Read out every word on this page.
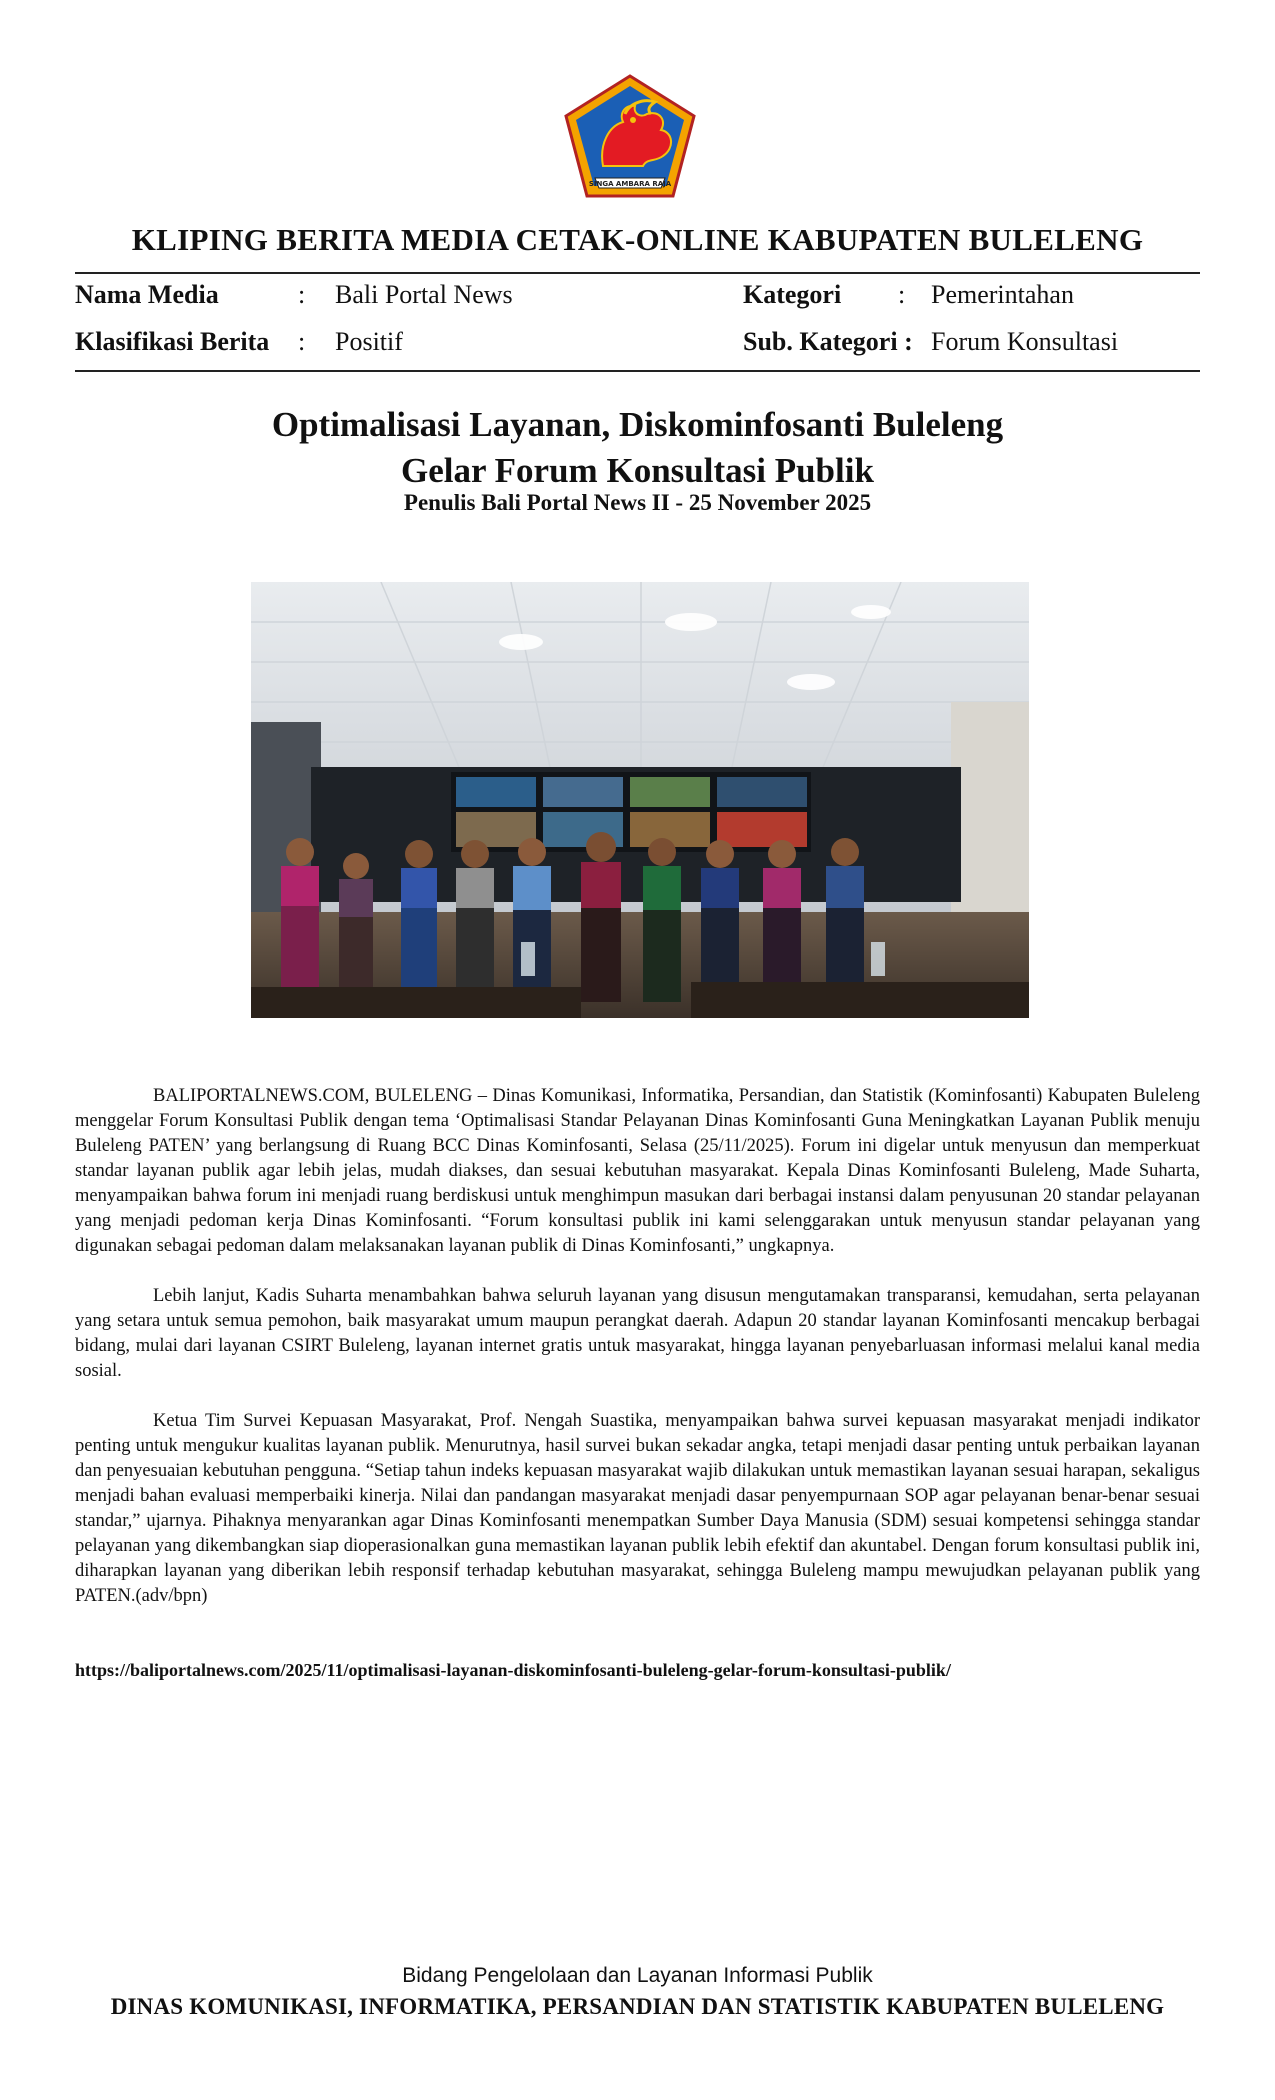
SINGA AMBARA RAJA
KLIPING BERITA MEDIA CETAK-ONLINE KABUPATEN BULELENG
Nama Media	: Bali Portal News	Kategori : Pemerintahan
Klasifikasi Berita : Positif	Sub. Kategori : Forum Konsultasi
Optimalisasi Layanan, Diskominfosanti Buleleng
Gelar Forum Konsultasi Publik
Penulis Bali Portal News II - 25 November 2025

BALIPORTALNEWS.COM, BULELENG – Dinas Komunikasi, Informatika, Persandian, dan Statistik (Kominfosanti) Kabupaten Buleleng menggelar Forum Konsultasi Publik dengan tema ‘Optimalisasi Standar Pelayanan Dinas Kominfosanti Guna Meningkatkan Layanan Publik menuju Buleleng PATEN’ yang berlangsung di Ruang BCC Dinas Kominfosanti, Selasa (25/11/2025). Forum ini digelar untuk menyusun dan memperkuat standar layanan publik agar lebih jelas, mudah diakses, dan sesuai kebutuhan masyarakat. Kepala Dinas Kominfosanti Buleleng, Made Suharta, menyampaikan bahwa forum ini menjadi ruang berdiskusi untuk menghimpun masukan dari berbagai instansi dalam penyusunan 20 standar pelayanan yang menjadi pedoman kerja Dinas Kominfosanti. “Forum konsultasi publik ini kami selenggarakan untuk menyusun standar pelayanan yang digunakan sebagai pedoman dalam melaksanakan layanan publik di Dinas Kominfosanti,” ungkapnya.

Lebih lanjut, Kadis Suharta menambahkan bahwa seluruh layanan yang disusun mengutamakan transparansi, kemudahan, serta pelayanan yang setara untuk semua pemohon, baik masyarakat umum maupun perangkat daerah. Adapun 20 standar layanan Kominfosanti mencakup berbagai bidang, mulai dari layanan CSIRT Buleleng, layanan internet gratis untuk masyarakat, hingga layanan penyebarluasan informasi melalui kanal media sosial.

Ketua Tim Survei Kepuasan Masyarakat, Prof. Nengah Suastika, menyampaikan bahwa survei kepuasan masyarakat menjadi indikator penting untuk mengukur kualitas layanan publik. Menurutnya, hasil survei bukan sekadar angka, tetapi menjadi dasar penting untuk perbaikan layanan dan penyesuaian kebutuhan pengguna. “Setiap tahun indeks kepuasan masyarakat wajib dilakukan untuk memastikan layanan sesuai harapan, sekaligus menjadi bahan evaluasi memperbaiki kinerja. Nilai dan pandangan masyarakat menjadi dasar penyempurnaan SOP agar pelayanan benar-benar sesuai standar,” ujarnya. Pihaknya menyarankan agar Dinas Kominfosanti menempatkan Sumber Daya Manusia (SDM) sesuai kompetensi sehingga standar pelayanan yang dikembangkan siap dioperasionalkan guna memastikan layanan publik lebih efektif dan akuntabel. Dengan forum konsultasi publik ini, diharapkan layanan yang diberikan lebih responsif terhadap kebutuhan masyarakat, sehingga Buleleng mampu mewujudkan pelayanan publik yang PATEN.(adv/bpn)

https://baliportalnews.com/2025/11/optimalisasi-layanan-diskominfosanti-buleleng-gelar-forum-konsultasi-publik/
Bidang Pengelolaan dan Layanan Informasi Publik
DINAS KOMUNIKASI, INFORMATIKA, PERSANDIAN DAN STATISTIK KABUPATEN BULELENG
